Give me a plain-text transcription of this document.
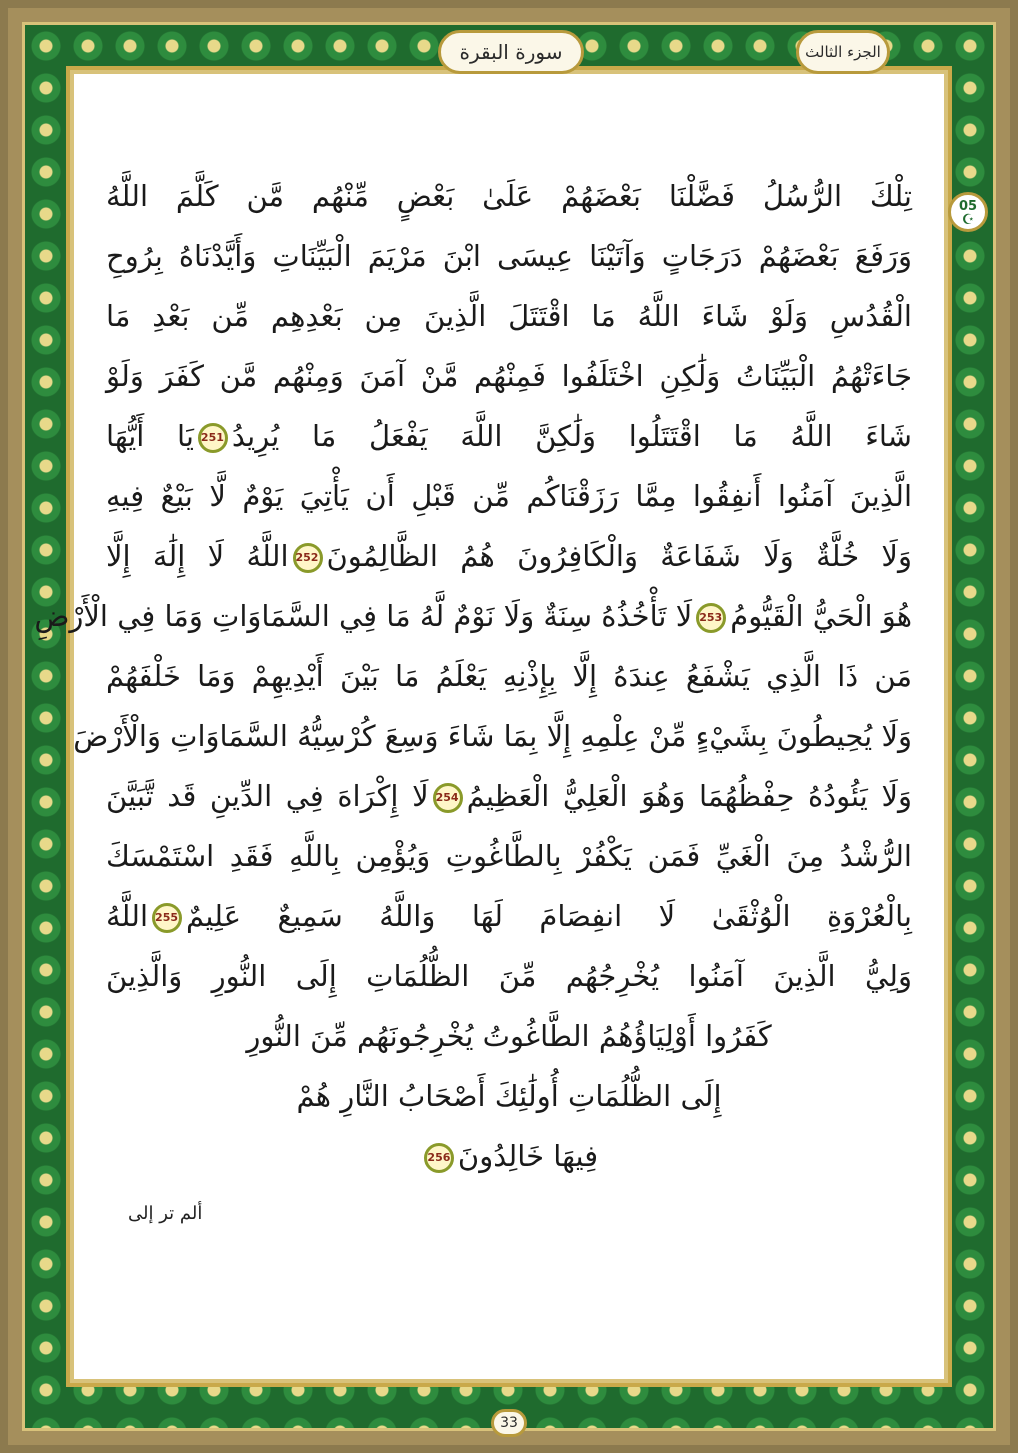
سورة البقرة	الجزء الثالث
05
☪
تِلْكَ الرُّسُلُ فَضَّلْنَا بَعْضَهُمْ عَلَىٰ بَعْضٍ مِّنْهُم مَّن كَلَّمَ اللَّهُ
وَرَفَعَ بَعْضَهُمْ دَرَجَاتٍ وَآتَيْنَا عِيسَى ابْنَ مَرْيَمَ الْبَيِّنَاتِ وَأَيَّدْنَاهُ بِرُوحِ
الْقُدُسِ وَلَوْ شَاءَ اللَّهُ مَا اقْتَتَلَ الَّذِينَ مِن بَعْدِهِم مِّن بَعْدِ مَا
جَاءَتْهُمُ الْبَيِّنَاتُ وَلَٰكِنِ اخْتَلَفُوا فَمِنْهُم مَّنْ آمَنَ وَمِنْهُم مَّن كَفَرَ وَلَوْ
شَاءَ اللَّهُ مَا اقْتَتَلُوا وَلَٰكِنَّ اللَّهَ يَفْعَلُ مَا يُرِيدُ251يَا أَيُّهَا
الَّذِينَ آمَنُوا أَنفِقُوا مِمَّا رَزَقْنَاكُم مِّن قَبْلِ أَن يَأْتِيَ يَوْمٌ لَّا بَيْعٌ فِيهِ
وَلَا خُلَّةٌ وَلَا شَفَاعَةٌ وَالْكَافِرُونَ هُمُ الظَّالِمُونَ252اللَّهُ لَا إِلَٰهَ إِلَّا
هُوَ الْحَيُّ الْقَيُّومُ253لَا تَأْخُذُهُ سِنَةٌ وَلَا نَوْمٌ لَّهُ مَا فِي السَّمَاوَاتِ وَمَا فِي الْأَرْضِ
مَن ذَا الَّذِي يَشْفَعُ عِندَهُ إِلَّا بِإِذْنِهِ يَعْلَمُ مَا بَيْنَ أَيْدِيهِمْ وَمَا خَلْفَهُمْ
وَلَا يُحِيطُونَ بِشَيْءٍ مِّنْ عِلْمِهِ إِلَّا بِمَا شَاءَ وَسِعَ كُرْسِيُّهُ السَّمَاوَاتِ وَالْأَرْضَ
وَلَا يَئُودُهُ حِفْظُهُمَا وَهُوَ الْعَلِيُّ الْعَظِيمُ254لَا إِكْرَاهَ فِي الدِّينِ قَد تَّبَيَّنَ
الرُّشْدُ مِنَ الْغَيِّ فَمَن يَكْفُرْ بِالطَّاغُوتِ وَيُؤْمِن بِاللَّهِ فَقَدِ اسْتَمْسَكَ
بِالْعُرْوَةِ الْوُثْقَىٰ لَا انفِصَامَ لَهَا وَاللَّهُ سَمِيعٌ عَلِيمٌ255اللَّهُ
وَلِيُّ الَّذِينَ آمَنُوا يُخْرِجُهُم مِّنَ الظُّلُمَاتِ إِلَى النُّورِ وَالَّذِينَ
كَفَرُوا أَوْلِيَاؤُهُمُ الطَّاغُوتُ يُخْرِجُونَهُم مِّنَ النُّورِ
إِلَى الظُّلُمَاتِ أُولَٰئِكَ أَصْحَابُ النَّارِ هُمْ
فِيهَا خَالِدُونَ256
ألم تر إلى
33
